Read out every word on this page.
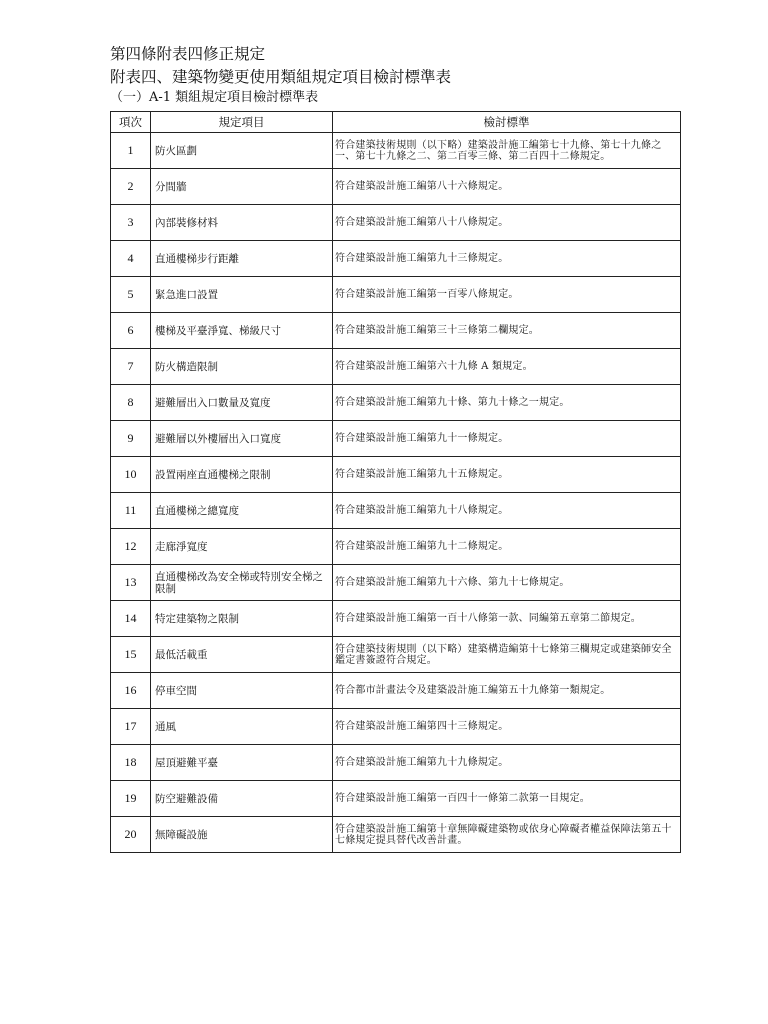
第四條附表四修正規定
附表四、建築物變更使用類組規定項目檢討標準表
（一）A-1 類組規定項目檢討標準表
項次	規定項目	檢討標準
1	防火區劃	符合建築技術規則（以下略）建築設計施工編第七十九條、第七十九條之一、第七十九條之二、第二百零三條、第二百四十二條規定。
2	分間牆	符合建築設計施工編第八十六條規定。
3	內部裝修材料	符合建築設計施工編第八十八條規定。
4	直通樓梯步行距離	符合建築設計施工編第九十三條規定。
5	緊急進口設置	符合建築設計施工編第一百零八條規定。
6	樓梯及平臺淨寬、梯級尺寸	符合建築設計施工編第三十三條第二欄規定。
7	防火構造限制	符合建築設計施工編第六十九條 A 類規定。
8	避難層出入口數量及寬度	符合建築設計施工編第九十條、第九十條之一規定。
9	避難層以外樓層出入口寬度	符合建築設計施工編第九十一條規定。
10	設置兩座直通樓梯之限制	符合建築設計施工編第九十五條規定。
11	直通樓梯之總寬度	符合建築設計施工編第九十八條規定。
12	走廊淨寬度	符合建築設計施工編第九十二條規定。
13	直通樓梯改為安全梯或特別安全梯之限制	符合建築設計施工編第九十六條、第九十七條規定。
14	特定建築物之限制	符合建築設計施工編第一百十八條第一款、同編第五章第二節規定。
15	最低活載重	符合建築技術規則（以下略）建築構造編第十七條第三欄規定或建築師安全鑑定書簽證符合規定。
16	停車空間	符合都市計畫法令及建築設計施工編第五十九條第一類規定。
17	通風	符合建築設計施工編第四十三條規定。
18	屋頂避難平臺	符合建築設計施工編第九十九條規定。
19	防空避難設備	符合建築設計施工編第一百四十一條第二款第一目規定。
20	無障礙設施	符合建築設計施工編第十章無障礙建築物或依身心障礙者權益保障法第五十七條規定提具替代改善計畫。
